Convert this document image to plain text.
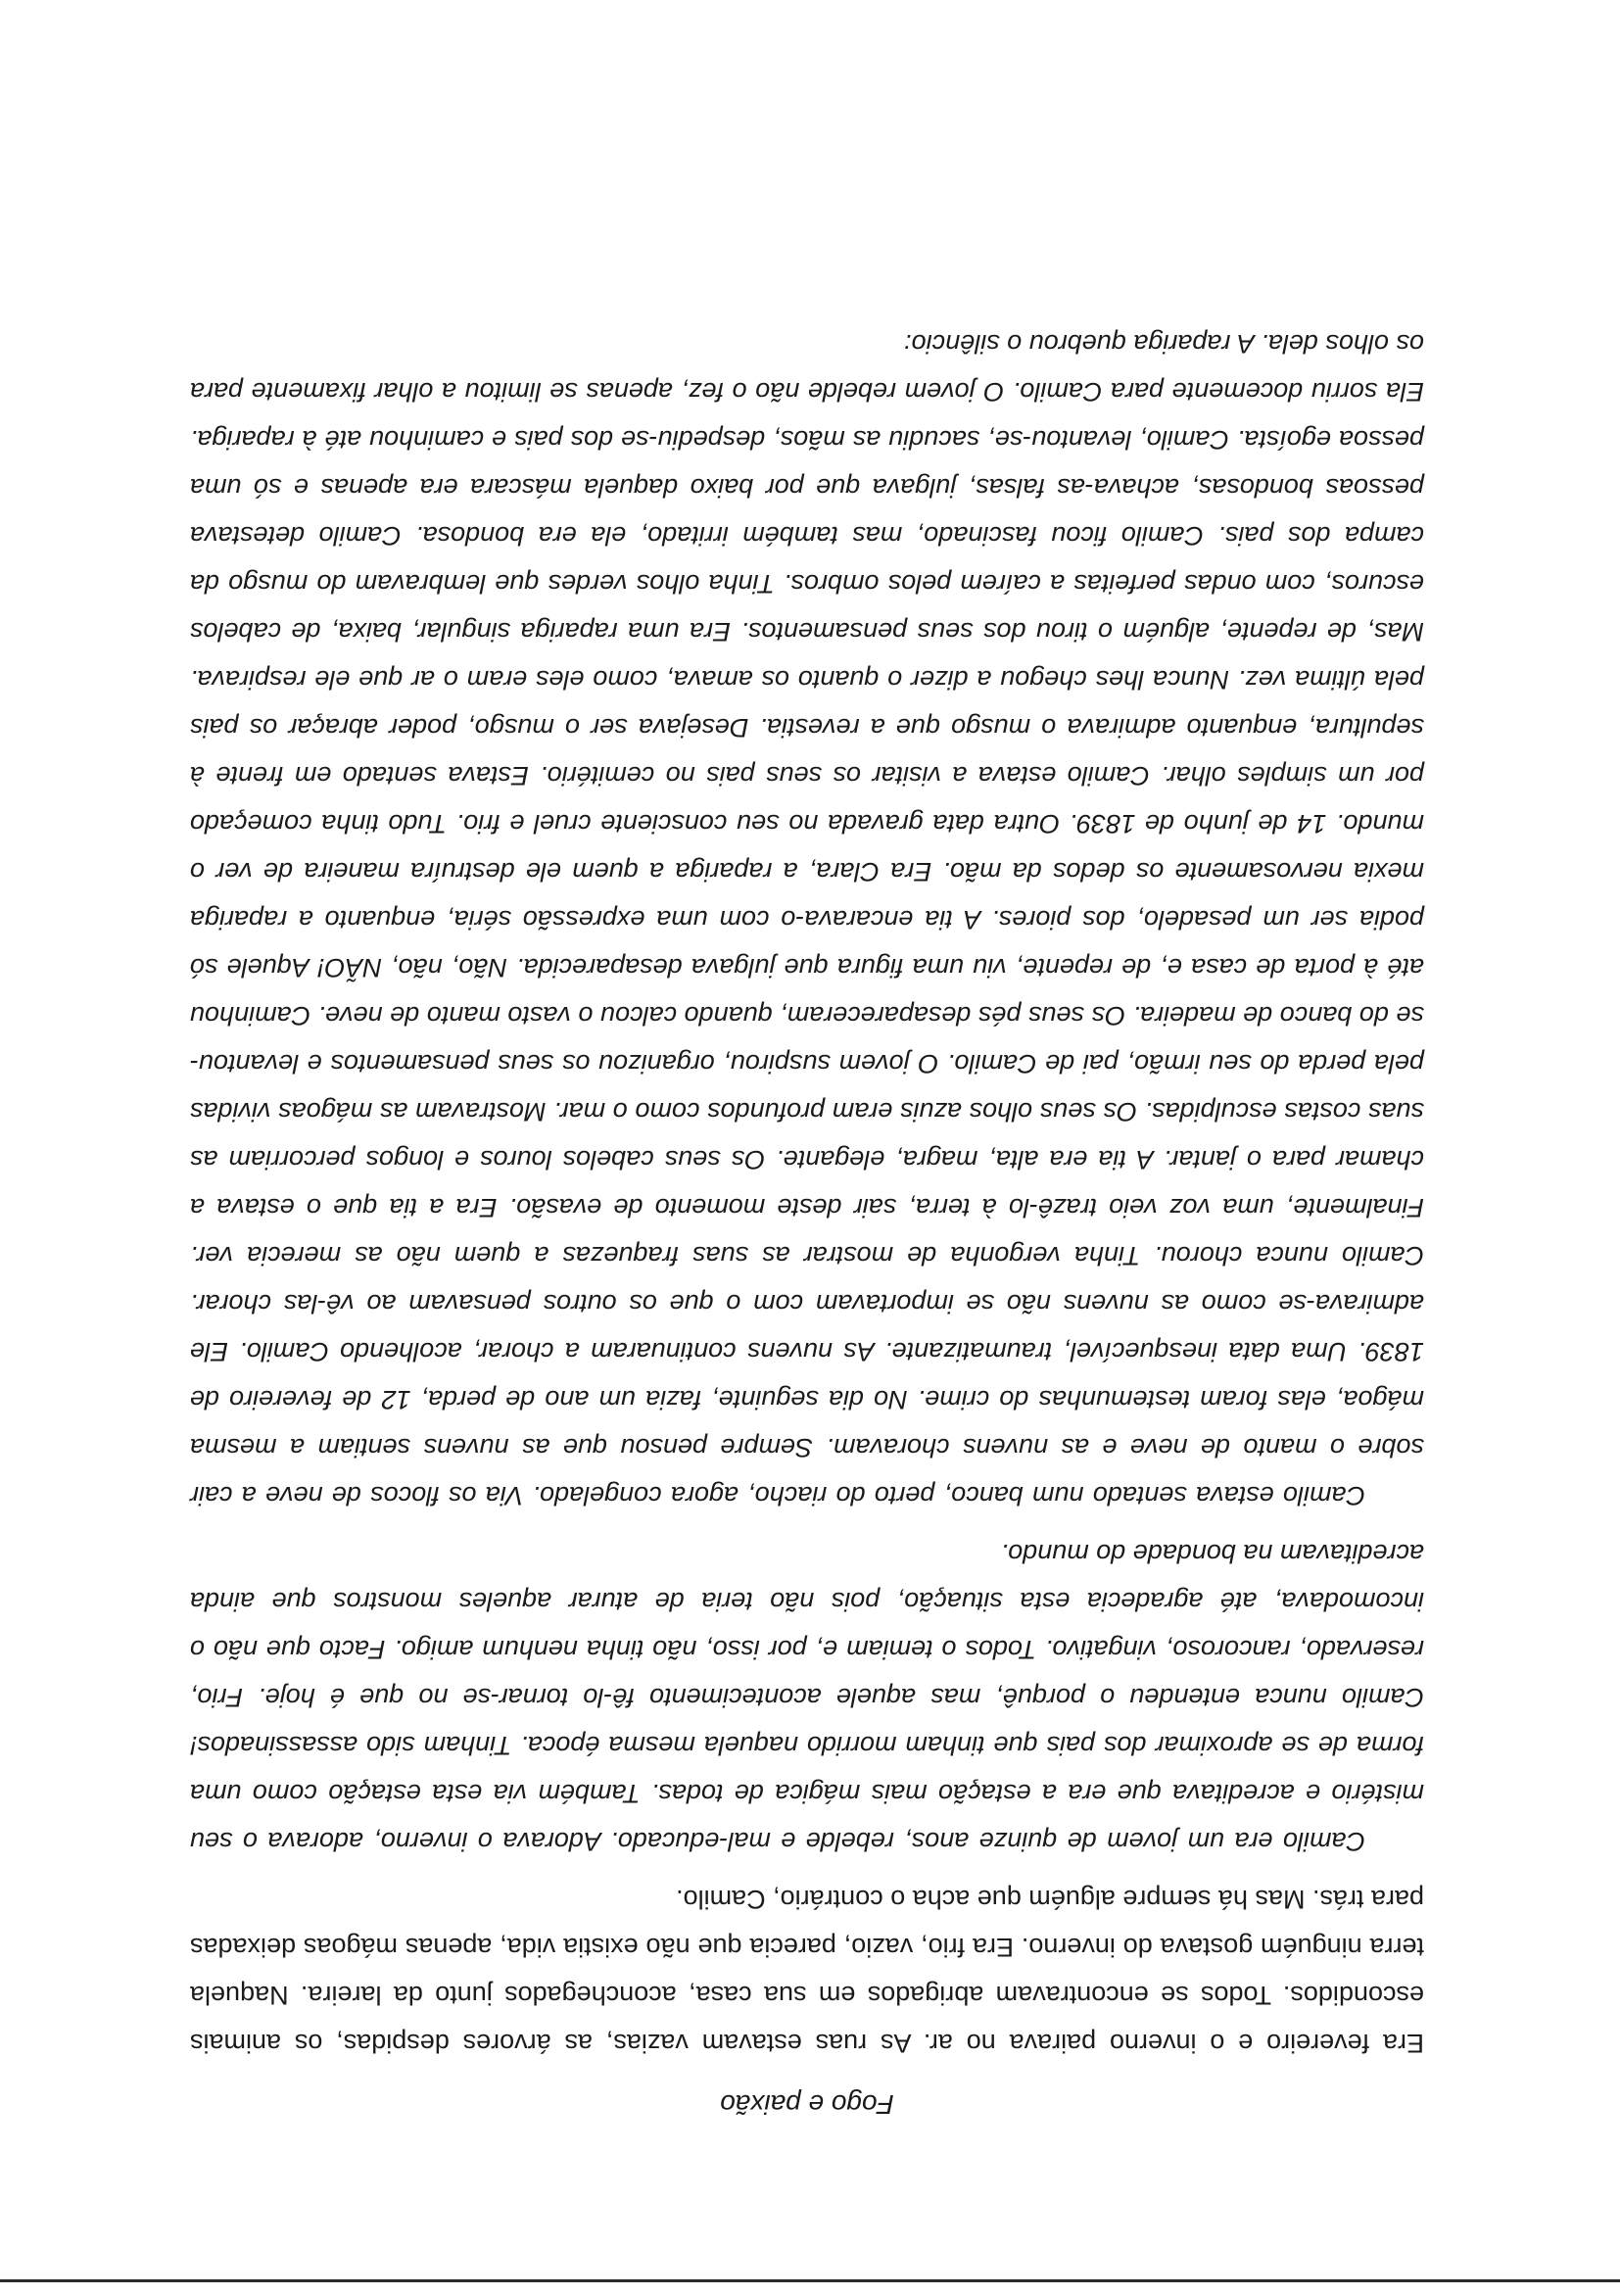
Fogo e paixão

Era fevereiro e o inverno pairava no ar. As ruas estavam vazias, as árvores despidas, os animais escondidos. Todos se encontravam abrigados em sua casa, aconchegados junto da lareira. Naquela terra ninguém gostava do inverno. Era frio, vazio, parecia que não existia vida, apenas mágoas deixadas para trás. Mas há sempre alguém que acha o contrário, Camilo.

Camilo era um jovem de quinze anos, rebelde e mal-educado. Adorava o inverno, adorava o seu mistério e acreditava que era a estação mais mágica de todas. Também via esta estação como uma forma de se aproximar dos pais que tinham morrido naquela mesma época. Tinham sido assassinados! Camilo nunca entendeu o porquê, mas aquele acontecimento fê-lo tornar-se no que é hoje. Frio, reservado, rancoroso, vingativo. Todos o temiam e, por isso, não tinha nenhum amigo. Facto que não o incomodava, até agradecia esta situação, pois não teria de aturar aqueles monstros que ainda acreditavam na bondade do mundo.

Camilo estava sentado num banco, perto do riacho, agora congelado. Via os flocos de neve a cair sobre o manto de neve e as nuvens choravam. Sempre pensou que as nuvens sentiam a mesma mágoa, elas foram testemunhas do crime. No dia seguinte, fazia um ano de perda, 12 de fevereiro de 1839. Uma data inesquecível, traumatizante. As nuvens continuaram a chorar, acolhendo Camilo. Ele admirava-se como as nuvens não se importavam com o que os outros pensavam ao vê-las chorar. Camilo nunca chorou. Tinha vergonha de mostrar as suas fraquezas a quem não as merecia ver. Finalmente, uma voz veio trazê-lo à terra, sair deste momento de evasão. Era a tia que o estava a chamar para o jantar. A tia era alta, magra, elegante. Os seus cabelos louros e longos percorriam as suas costas esculpidas. Os seus olhos azuis eram profundos como o mar. Mostravam as mágoas vividas pela perda do seu irmão, pai de Camilo. O jovem suspirou, organizou os seus pensamentos e levantou-se do banco de madeira. Os seus pés desapareceram, quando calcou o vasto manto de neve. Caminhou até à porta de casa e, de repente, viu uma figura que julgava desaparecida. Não, não, NÃO! Aquele só podia ser um pesadelo, dos piores. A tia encarava-o com uma expressão séria, enquanto a rapariga mexia nervosamente os dedos da mão. Era Clara, a rapariga a quem ele destruíra maneira de ver o mundo. 14 de junho de 1839. Outra data gravada no seu consciente cruel e frio. Tudo tinha começado por um simples olhar. Camilo estava a visitar os seus pais no cemitério. Estava sentado em frente à sepultura, enquanto admirava o musgo que a revestia. Desejava ser o musgo, poder abraçar os pais pela última vez. Nunca lhes chegou a dizer o quanto os amava, como eles eram o ar que ele respirava. Mas, de repente, alguém o tirou dos seus pensamentos. Era uma rapariga singular, baixa, de cabelos escuros, com ondas perfeitas a caírem pelos ombros. Tinha olhos verdes que lembravam do musgo da campa dos pais. Camilo ficou fascinado, mas também irritado, ela era bondosa. Camilo detestava pessoas bondosas, achava-as falsas, julgava que por baixo daquela máscara era apenas e só uma pessoa egoísta. Camilo, levantou-se, sacudiu as mãos, despediu-se dos pais e caminhou até à rapariga. Ela sorriu docemente para Camilo. O jovem rebelde não o fez, apenas se limitou a olhar fixamente para os olhos dela. A rapariga quebrou o silêncio:
